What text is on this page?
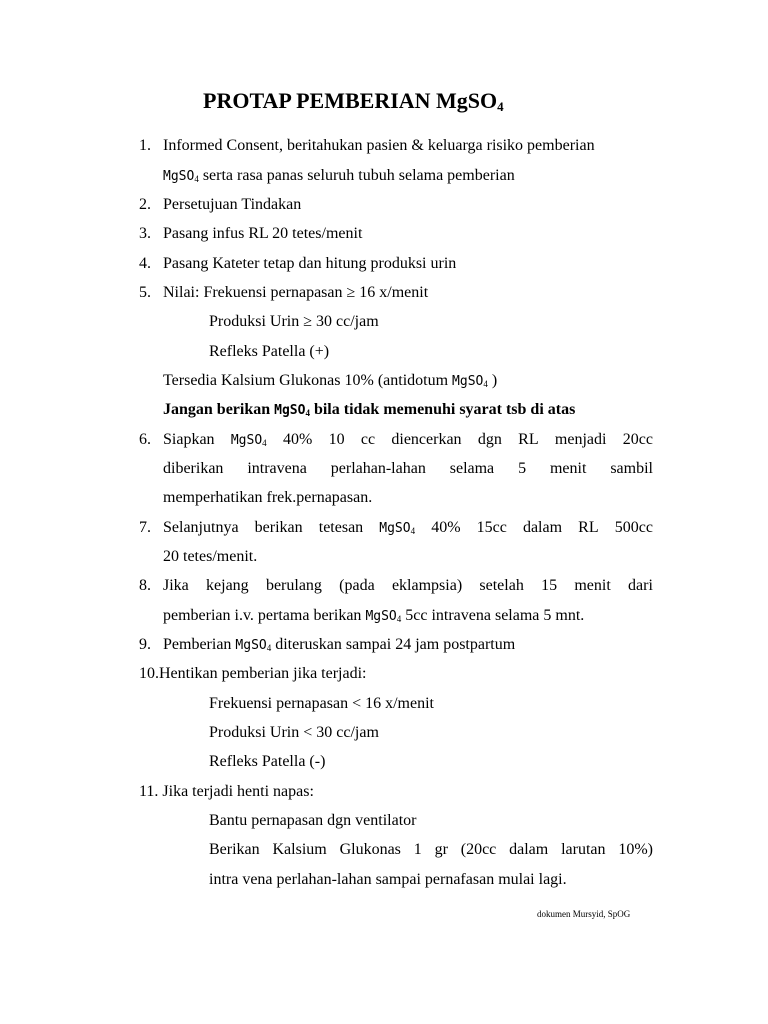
PROTAP PEMBERIAN MgSO$_4$
1. Informed Consent, beritahukan pasien & keluarga risiko pemberian
MgSO$_4$ serta rasa panas seluruh tubuh selama pemberian
2. Persetujuan Tindakan
3. Pasang infus RL 20 tetes/menit
4. Pasang Kateter tetap dan hitung produksi urin
5. Nilai: Frekuensi pernapasan ≥ 16 x/menit
Produksi Urin ≥ 30 cc/jam
Refleks Patella (+)
Tersedia Kalsium Glukonas 10% (antidotum MgSO$_4$ )
Jangan berikan MgSO$_4$ bila tidak memenuhi syarat tsb di atas
6. Siapkan MgSO$_4$ 40% 10 cc diencerkan dgn RL menjadi 20cc
diberikan intravena perlahan-lahan selama 5 menit sambil
memperhatikan frek.pernapasan.
7. Selanjutnya berikan tetesan MgSO$_4$ 40% 15cc dalam RL 500cc
20 tetes/menit.
8. Jika kejang berulang (pada eklampsia) setelah 15 menit dari
pemberian i.v. pertama berikan MgSO$_4$ 5cc intravena selama 5 mnt.
9. Pemberian MgSO$_4$ diteruskan sampai 24 jam postpartum
10.Hentikan pemberian jika terjadi:
Frekuensi pernapasan < 16 x/menit
Produksi Urin < 30 cc/jam
Refleks Patella (-)
11. Jika terjadi henti napas:
Bantu pernapasan dgn ventilator
Berikan Kalsium Glukonas 1 gr (20cc dalam larutan 10%)
intra vena perlahan-lahan sampai pernafasan mulai lagi.
dokumen Mursyid, SpOG
